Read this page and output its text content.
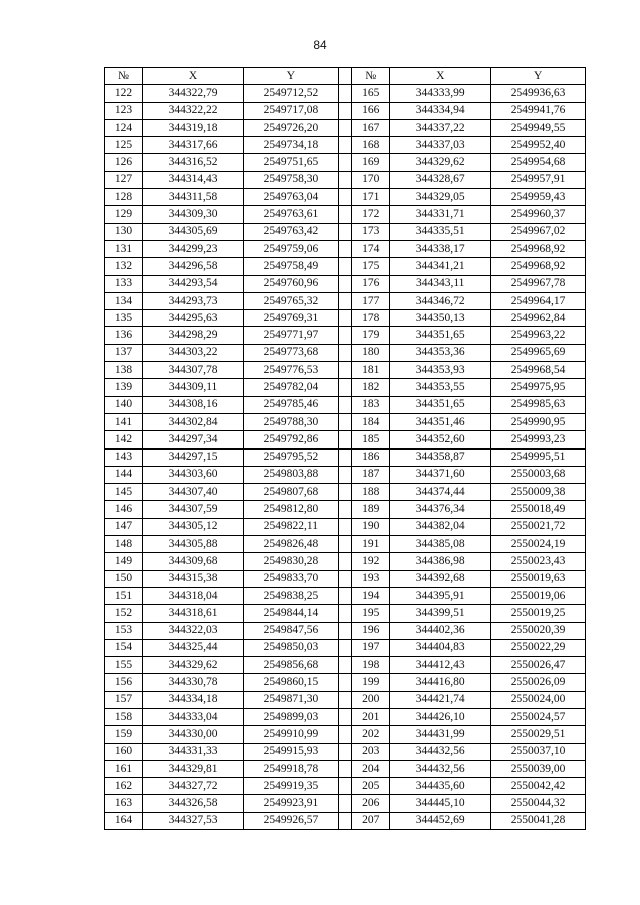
84
№	X	Y		№	X	Y
122	344322,79	2549712,52		165	344333,99	2549936,63
123	344322,22	2549717,08		166	344334,94	2549941,76
124	344319,18	2549726,20		167	344337,22	2549949,55
125	344317,66	2549734,18		168	344337,03	2549952,40
126	344316,52	2549751,65		169	344329,62	2549954,68
127	344314,43	2549758,30		170	344328,67	2549957,91
128	344311,58	2549763,04		171	344329,05	2549959,43
129	344309,30	2549763,61		172	344331,71	2549960,37
130	344305,69	2549763,42		173	344335,51	2549967,02
131	344299,23	2549759,06		174	344338,17	2549968,92
132	344296,58	2549758,49		175	344341,21	2549968,92
133	344293,54	2549760,96		176	344343,11	2549967,78
134	344293,73	2549765,32		177	344346,72	2549964,17
135	344295,63	2549769,31		178	344350,13	2549962,84
136	344298,29	2549771,97		179	344351,65	2549963,22
137	344303,22	2549773,68		180	344353,36	2549965,69
138	344307,78	2549776,53		181	344353,93	2549968,54
139	344309,11	2549782,04		182	344353,55	2549975,95
140	344308,16	2549785,46		183	344351,65	2549985,63
141	344302,84	2549788,30		184	344351,46	2549990,95
142	344297,34	2549792,86		185	344352,60	2549993,23
143	344297,15	2549795,52		186	344358,87	2549995,51
144	344303,60	2549803,88		187	344371,60	2550003,68
145	344307,40	2549807,68		188	344374,44	2550009,38
146	344307,59	2549812,80		189	344376,34	2550018,49
147	344305,12	2549822,11		190	344382,04	2550021,72
148	344305,88	2549826,48		191	344385,08	2550024,19
149	344309,68	2549830,28		192	344386,98	2550023,43
150	344315,38	2549833,70		193	344392,68	2550019,63
151	344318,04	2549838,25		194	344395,91	2550019,06
152	344318,61	2549844,14		195	344399,51	2550019,25
153	344322,03	2549847,56		196	344402,36	2550020,39
154	344325,44	2549850,03		197	344404,83	2550022,29
155	344329,62	2549856,68		198	344412,43	2550026,47
156	344330,78	2549860,15		199	344416,80	2550026,09
157	344334,18	2549871,30		200	344421,74	2550024,00
158	344333,04	2549899,03		201	344426,10	2550024,57
159	344330,00	2549910,99		202	344431,99	2550029,51
160	344331,33	2549915,93		203	344432,56	2550037,10
161	344329,81	2549918,78		204	344432,56	2550039,00
162	344327,72	2549919,35		205	344435,60	2550042,42
163	344326,58	2549923,91		206	344445,10	2550044,32
164	344327,53	2549926,57		207	344452,69	2550041,28
